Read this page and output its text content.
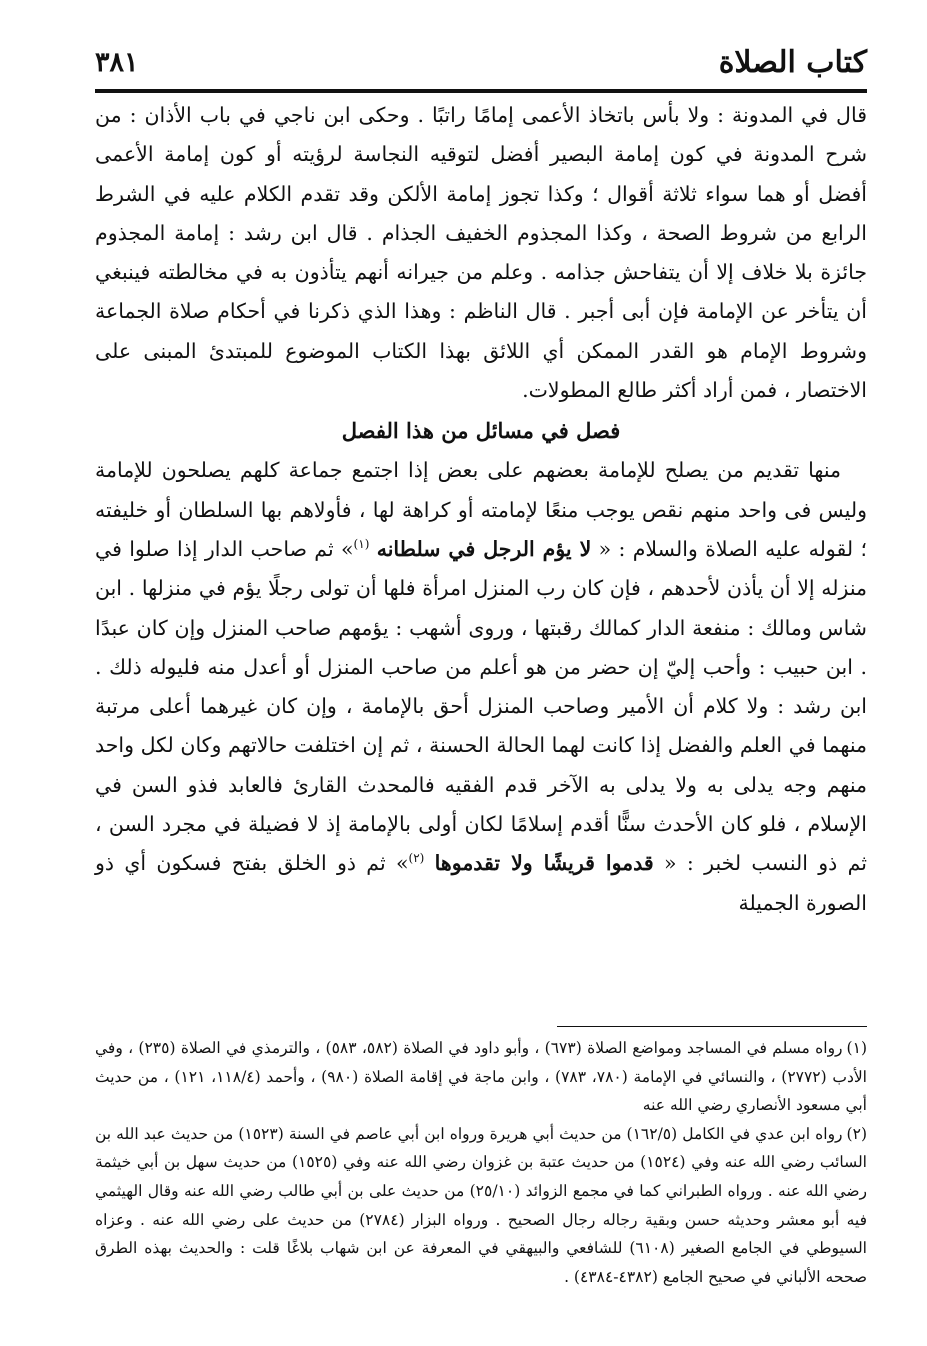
٣٨١	كتاب الصلاة

قال في المدونة : ولا بأس باتخاذ الأعمى إمامًا راتبًا . وحكى ابن ناجي في باب الأذان : من شرح المدونة في كون إمامة البصير أفضل لتوقيه النجاسة لرؤيته أو كون إمامة الأعمى أفضل أو هما سواء ثلاثة أقوال ؛ وكذا تجوز إمامة الألكن وقد تقدم الكلام عليه في الشرط الرابع من شروط الصحة ، وكذا المجذوم الخفيف الجذام . قال ابن رشد : إمامة المجذوم جائزة بلا خلاف إلا أن يتفاحش جذامه . وعلم من جيرانه أنهم يتأذون به في مخالطته فينبغي أن يتأخر عن الإمامة فإن أبى أجبر . قال الناظم : وهذا الذي ذكرنا في أحكام صلاة الجماعة وشروط الإمام هو القدر الممكن أي اللائق بهذا الكتاب الموضوع للمبتدئ المبنى على الاختصار ، فمن أراد أكثر طالع المطولات.

فصل في مسائل من هذا الفصل

منها تقديم من يصلح للإمامة بعضهم على بعض إذا اجتمع جماعة كلهم يصلحون للإمامة وليس فى واحد منهم نقص يوجب منعًا لإمامته أو كراهة لها ، فأولاهم بها السلطان أو خليفته ؛ لقوله عليه الصلاة والسلام : « لا يؤم الرجل في سلطانه $^{(١)}$» ثم صاحب الدار إذا صلوا في منزله إلا أن يأذن لأحدهم ، فإن كان رب المنزل امرأة فلها أن تولى رجلًا يؤم في منزلها . ابن شاس ومالك : منفعة الدار كمالك رقبتها ، وروى أشهب : يؤمهم صاحب المنزل وإن كان عبدًا . ابن حبيب : وأحب إليّ إن حضر من هو أعلم من صاحب المنزل أو أعدل منه فليوله ذلك . ابن رشد : ولا كلام أن الأمير وصاحب المنزل أحق بالإمامة ، وإن كان غيرهما أعلى مرتبة منهما في العلم والفضل إذا كانت لهما الحالة الحسنة ، ثم إن اختلفت حالاتهم وكان لكل واحد منهم وجه يدلى به ولا يدلى به الآخر قدم الفقيه فالمحدث القارئ فالعابد فذو السن في الإسلام ، فلو كان الأحدث سنًّا أقدم إسلامًا لكان أولى بالإمامة إذ لا فضيلة في مجرد السن ، ثم ذو النسب لخبر : « قدموا قريشًا ولا تقدموها $^{(٢)}$» ثم ذو الخلق بفتح فسكون أي ذو الصورة الجميلة

(١)رواه مسلم في المساجد ومواضع الصلاة (٦٧٣) ، وأبو داود في الصلاة (٥٨٢، ٥٨٣) ، والترمذي في الصلاة (٢٣٥) ، وفي الأدب (٢٧٧٢) ، والنسائي في الإمامة (٧٨٠، ٧٨٣) ، وابن ماجة في إقامة الصلاة (٩٨٠) ، وأحمد (١١٨/٤، ١٢١) ، من حديث أبي مسعود الأنصاري رضي الله عنه

(٢)رواه ابن عدي في الكامل (١٦٢/٥) من حديث أبي هريرة ورواه ابن أبي عاصم في السنة (١٥٢٣) من حديث عبد الله بن السائب رضي الله عنه وفي (١٥٢٤) من حديث عتبة بن غزوان رضي الله عنه وفي (١٥٢٥) من حديث سهل بن أبي خيثمة رضي الله عنه . ورواه الطبراني كما في مجمع الزوائد (٢٥/١٠) من حديث على بن أبي طالب رضي الله عنه وقال الهيثمي فيه أبو معشر وحديثه حسن وبقية رجاله رجال الصحيح . ورواه البزار (٢٧٨٤) من حديث على رضي الله عنه . وعزاه السيوطي في الجامع الصغير (٦١٠٨) للشافعي والبيهقي في المعرفة عن ابن شهاب بلاغًا قلت : والحديث بهذه الطرق صححه الألباني في صحيح الجامع (٤٣٨٢-٤٣٨٤) .
